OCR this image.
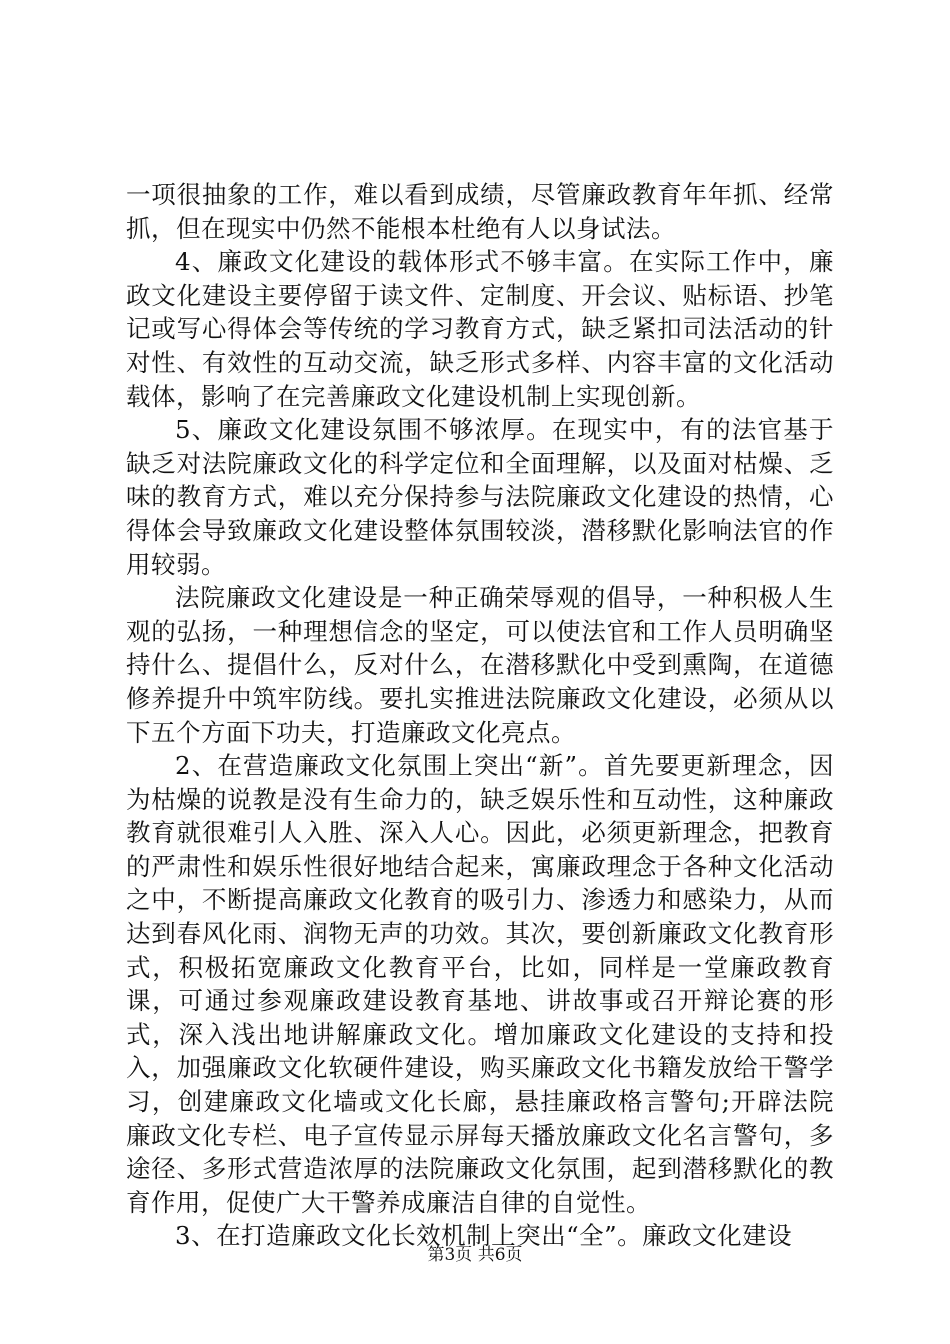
一项很抽象的工作，难以看到成绩，尽管廉政教育年年抓、经常抓，但在现实中仍然不能根本杜绝有人以身试法。

4、廉政文化建设的载体形式不够丰富。在实际工作中，廉政文化建设主要停留于读文件、定制度、开会议、贴标语、抄笔记或写心得体会等传统的学习教育方式，缺乏紧扣司法活动的针对性、有效性的互动交流，缺乏形式多样、内容丰富的文化活动载体，影响了在完善廉政文化建设机制上实现创新。

5、廉政文化建设氛围不够浓厚。在现实中，有的法官基于缺乏对法院廉政文化的科学定位和全面理解，以及面对枯燥、乏味的教育方式，难以充分保持参与法院廉政文化建设的热情，心得体会导致廉政文化建设整体氛围较淡，潜移默化影响法官的作用较弱。

法院廉政文化建设是一种正确荣辱观的倡导，一种积极人生观的弘扬，一种理想信念的坚定，可以使法官和工作人员明确坚持什么、提倡什么，反对什么，在潜移默化中受到熏陶，在道德修养提升中筑牢防线。要扎实推进法院廉政文化建设，必须从以下五个方面下功夫，打造廉政文化亮点。

2、在营造廉政文化氛围上突出“新”。首先要更新理念，因为枯燥的说教是没有生命力的，缺乏娱乐性和互动性，这种廉政教育就很难引人入胜、深入人心。因此，必须更新理念，把教育的严肃性和娱乐性很好地结合起来，寓廉政理念于各种文化活动之中，不断提高廉政文化教育的吸引力、渗透力和感染力，从而达到春风化雨、润物无声的功效。其次，要创新廉政文化教育形式，积极拓宽廉政文化教育平台，比如，同样是一堂廉政教育课，可通过参观廉政建设教育基地、讲故事或召开辩论赛的形式，深入浅出地讲解廉政文化。增加廉政文化建设的支持和投入，加强廉政文化软硬件建设，购买廉政文化书籍发放给干警学习，创建廉政文化墙或文化长廊，悬挂廉政格言警句;开辟法院廉政文化专栏、电子宣传显示屏每天播放廉政文化名言警句，多途径、多形式营造浓厚的法院廉政文化氛围，起到潜移默化的教育作用，促使广大干警养成廉洁自律的自觉性。

3、在打造廉政文化长效机制上突出“全”。廉政文化建设

第3页 共6页
